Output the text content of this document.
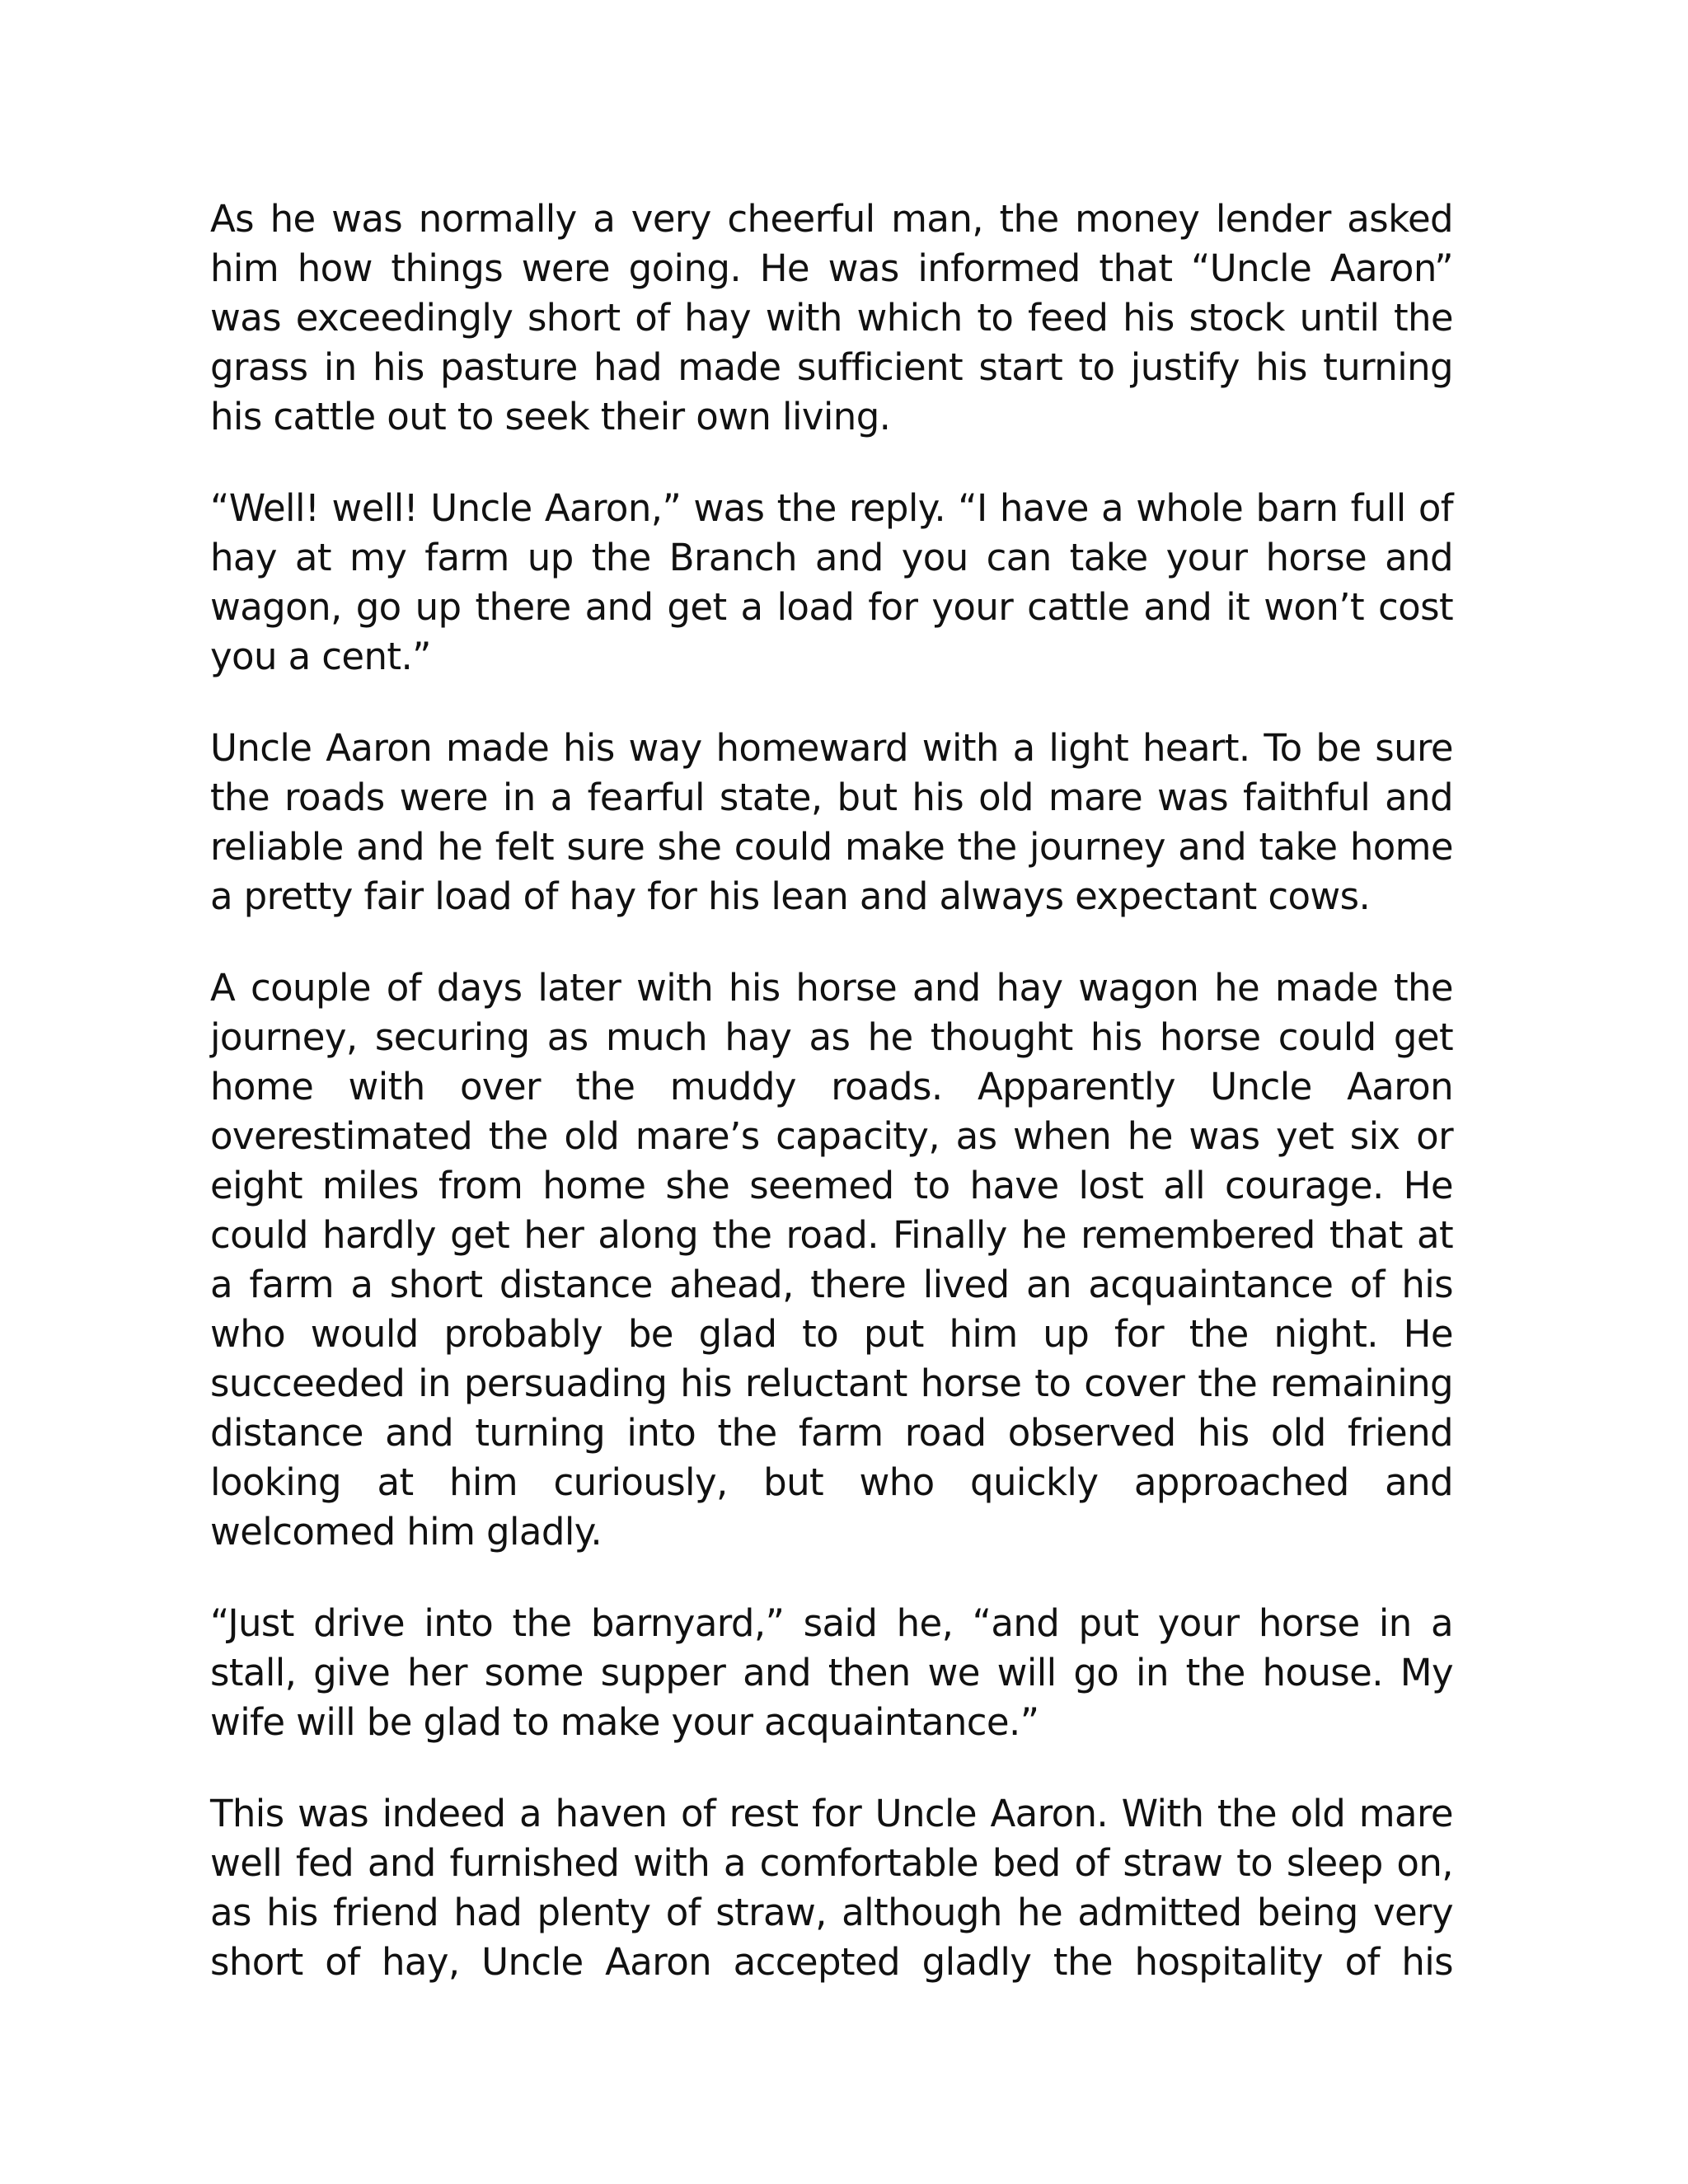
As he was normally a very cheerful man, the money lender asked him how things were going. He was informed that “Uncle Aaron” was exceedingly short of hay with which to feed his stock until the grass in his pasture had made sufficient start to justify his turning his cattle out to seek their own living.

“Well! well! Uncle Aaron,” was the reply. “I have a whole barn full of hay at my farm up the Branch and you can take your horse and wagon, go up there and get a load for your cattle and it won’t cost you a cent.”

Uncle Aaron made his way homeward with a light heart. To be sure the roads were in a fearful state, but his old mare was faithful and reliable and he felt sure she could make the journey and take home a pretty fair load of hay for his lean and always expectant cows.

A couple of days later with his horse and hay wagon he made the journey, securing as much hay as he thought his horse could get home with over the muddy roads. Apparently Uncle Aaron overestimated the old mare’s capacity, as when he was yet six or eight miles from home she seemed to have lost all courage. He could hardly get her along the road. Finally he remembered that at a farm a short distance ahead, there lived an acquaintance of his who would probably be glad to put him up for the night. He succeeded in persuading his reluctant horse to cover the remaining distance and turning into the farm road observed his old friend looking at him curiously, but who quickly approached and welcomed him gladly.

“Just drive into the barnyard,” said he, “and put your horse in a stall, give her some supper and then we will go in the house. My wife will be glad to make your acquaintance.”

This was indeed a haven of rest for Uncle Aaron. With the old mare well fed and furnished with a comfortable bed of straw to sleep on, as his friend had plenty of straw, although he admitted being very short of hay, Uncle Aaron accepted gladly the hospitality of his
